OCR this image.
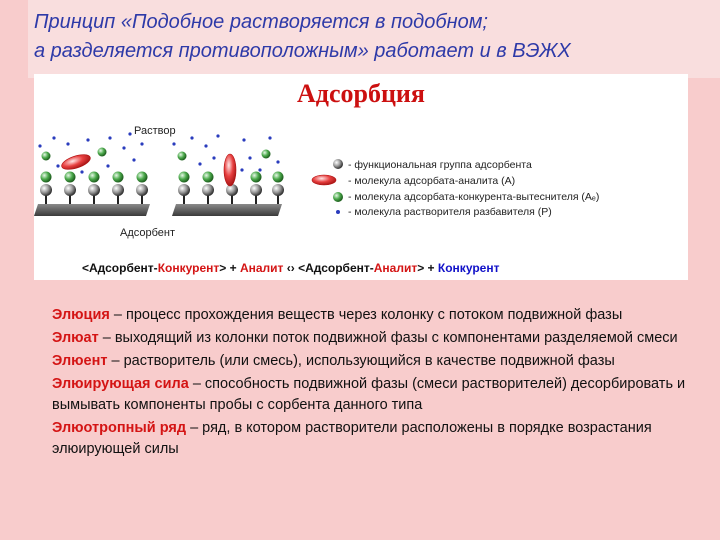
Принцип «Подобное растворяется в подобном;
а разделяется противоположным» работает и в ВЭЖХ
Адсорбция
Раствор
Адсорбент
- функциональная группа адсорбента
- молекула адсорбата-аналита (A)
- молекула адсорбата-конкурента-вытеснителя (Aₑ)
- молекула растворителя разбавителя (P)
<Адсорбент-Конкурент> + Аналит ‹› <Адсорбент-Аналит> + Конкурент
Элюция – процесс прохождения веществ через колонку с потоком подвижной фазы
Элюат – выходящий из колонки поток подвижной фазы с компонентами разделяемой смеси
Элюент – растворитель (или смесь), использующийся в качестве подвижной фазы
Элюирующая сила – способность подвижной фазы (смеси растворителей) десорбировать и вымывать компоненты пробы с сорбента данного типа
Элюотропный ряд – ряд, в котором растворители расположены в порядке возрастания элюирующей силы
